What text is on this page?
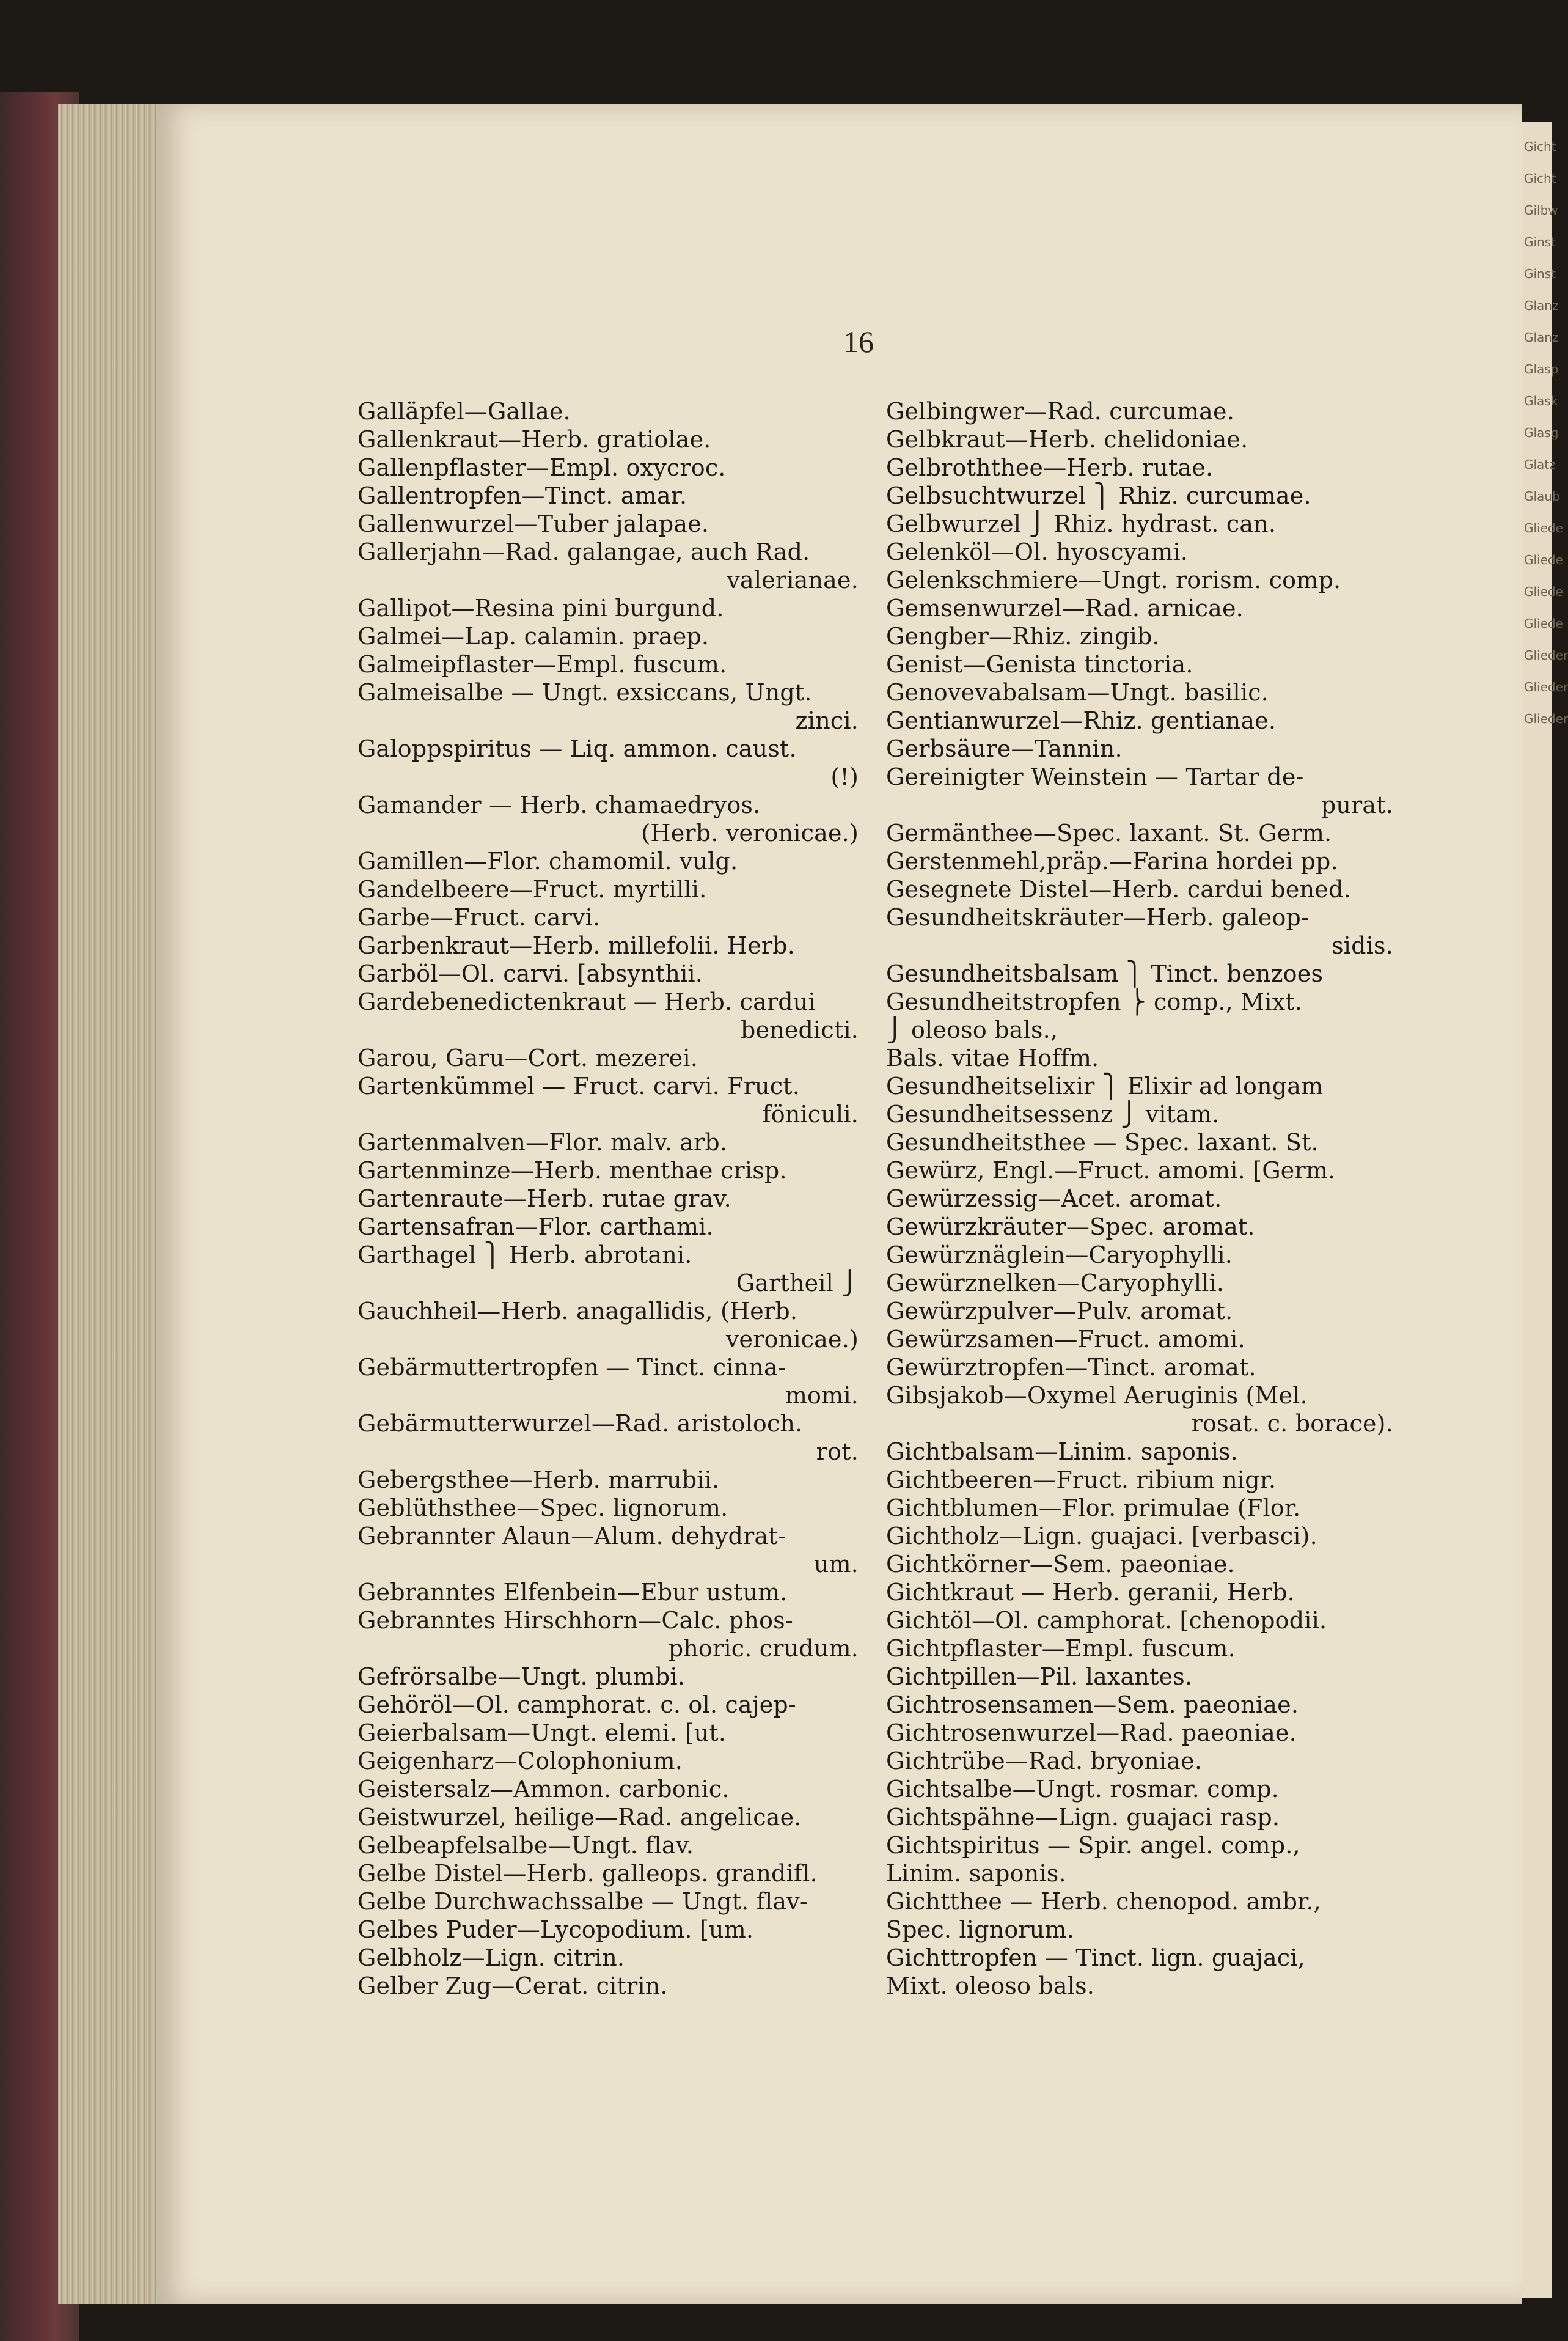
Gicht
Gicht
Gilbw
Ginst
Ginst
Glanz
Glanz
Glasp
Glask
Glasg
Glatz
Glaub
Gliede
Gliede
Gliede
Gliede
Glieder
Glieder
Glieder
16
Galläpfel—Gallae.
Gallenkraut—Herb. gratiolae.
Gallenpflaster—Empl. oxycroc.
Gallentropfen—Tinct. amar.
Gallenwurzel—Tuber jalapae.
Gallerjahn—Rad. galangae, auch Rad.
valerianae.
Gallipot—Resina pini burgund.
Galmei—Lap. calamin. praep.
Galmeipflaster—Empl. fuscum.
Galmeisalbe — Ungt. exsiccans, Ungt.
zinci.
Galoppspiritus — Liq. ammon. caust.
(!)
Gamander — Herb. chamaedryos.
(Herb. veronicae.)
Gamillen—Flor. chamomil. vulg.
Gandelbeere—Fruct. myrtilli.
Garbe—Fruct. carvi.
Garbenkraut—Herb. millefolii. Herb.
Garböl—Ol. carvi. [absynthii.
Gardebenedictenkraut — Herb. cardui
benedicti.
Garou, Garu—Cort. mezerei.
Gartenkümmel — Fruct. carvi. Fruct.
föniculi.
Gartenmalven—Flor. malv. arb.
Gartenminze—Herb. menthae crisp.
Gartenraute—Herb. rutae grav.
Gartensafran—Flor. carthami.
Garthagel ⎫ Herb. abrotani.
Gartheil ⎭
Gauchheil—Herb. anagallidis, (Herb.
veronicae.)
Gebärmuttertropfen — Tinct. cinna-
momi.
Gebärmutterwurzel—Rad. aristoloch.
rot.
Gebergsthee—Herb. marrubii.
Geblüthsthee—Spec. lignorum.
Gebrannter Alaun—Alum. dehydrat-
um.
Gebranntes Elfenbein—Ebur ustum.
Gebranntes Hirschhorn—Calc. phos-
phoric. crudum.
Gefrörsalbe—Ungt. plumbi.
Gehöröl—Ol. camphorat. c. ol. cajep-
Geierbalsam—Ungt. elemi. [ut.
Geigenharz—Colophonium.
Geistersalz—Ammon. carbonic.
Geistwurzel, heilige—Rad. angelicae.
Gelbeapfelsalbe—Ungt. flav.
Gelbe Distel—Herb. galleops. grandifl.
Gelbe Durchwachssalbe — Ungt. flav-
Gelbes Puder—Lycopodium. [um.
Gelbholz—Lign. citrin.
Gelber Zug—Cerat. citrin.
Gelbingwer—Rad. curcumae.
Gelbkraut—Herb. chelidoniae.
Gelbroththee—Herb. rutae.
Gelbsuchtwurzel ⎫ Rhiz. curcumae.
Gelbwurzel ⎭ Rhiz. hydrast. can.
Gelenköl—Ol. hyoscyami.
Gelenkschmiere—Ungt. rorism. comp.
Gemsenwurzel—Rad. arnicae.
Gengber—Rhiz. zingib.
Genist—Genista tinctoria.
Genovevabalsam—Ungt. basilic.
Gentianwurzel—Rhiz. gentianae.
Gerbsäure—Tannin.
Gereinigter Weinstein — Tartar de-
purat.
Germänthee—Spec. laxant. St. Germ.
Gerstenmehl,präp.—Farina hordei pp.
Gesegnete Distel—Herb. cardui bened.
Gesundheitskräuter—Herb. galeop-
sidis.
Gesundheitsbalsam ⎫ Tinct. benzoes
Gesundheitstropfen ⎬ comp., Mixt.
⎭ oleoso bals.,
Bals. vitae Hoffm.
Gesundheitselixir ⎫ Elixir ad longam
Gesundheitsessenz ⎭ vitam.
Gesundheitsthee — Spec. laxant. St.
Gewürz, Engl.—Fruct. amomi. [Germ.
Gewürzessig—Acet. aromat.
Gewürzkräuter—Spec. aromat.
Gewürznäglein—Caryophylli.
Gewürznelken—Caryophylli.
Gewürzpulver—Pulv. aromat.
Gewürzsamen—Fruct. amomi.
Gewürztropfen—Tinct. aromat.
Gibsjakob—Oxymel Aeruginis (Mel.
rosat. c. borace).
Gichtbalsam—Linim. saponis.
Gichtbeeren—Fruct. ribium nigr.
Gichtblumen—Flor. primulae (Flor.
Gichtholz—Lign. guajaci. [verbasci).
Gichtkörner—Sem. paeoniae.
Gichtkraut — Herb. geranii, Herb.
Gichtöl—Ol. camphorat. [chenopodii.
Gichtpflaster—Empl. fuscum.
Gichtpillen—Pil. laxantes.
Gichtrosensamen—Sem. paeoniae.
Gichtrosenwurzel—Rad. paeoniae.
Gichtrübe—Rad. bryoniae.
Gichtsalbe—Ungt. rosmar. comp.
Gichtspähne—Lign. guajaci rasp.
Gichtspiritus — Spir. angel. comp.,
Linim. saponis.
Gichtthee — Herb. chenopod. ambr.,
Spec. lignorum.
Gichttropfen — Tinct. lign. guajaci,
Mixt. oleoso bals.
